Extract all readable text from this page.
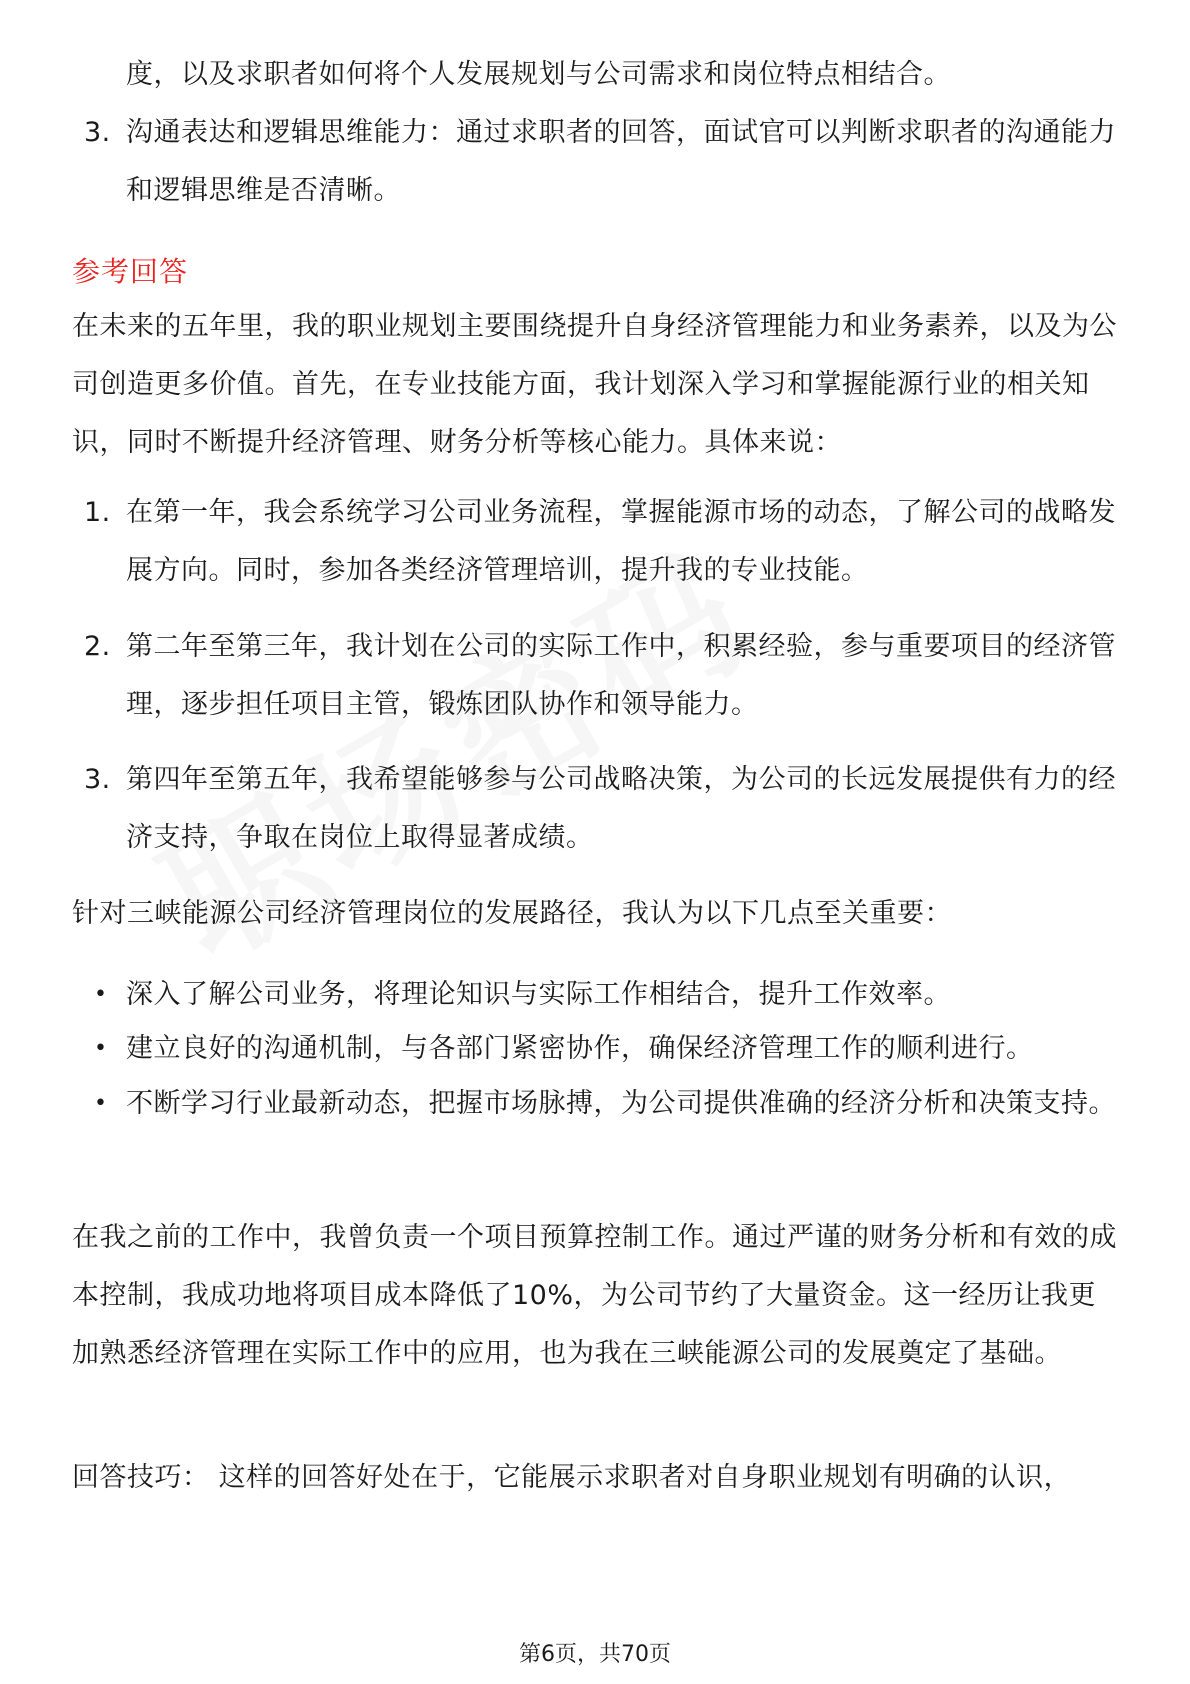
度，以及求职者如何将个人发展规划与公司需求和岗位特点相结合。
3. 沟通表达和逻辑思维能力：通过求职者的回答，面试官可以判断求职者的沟通能力和逻辑思维是否清晰。
参考回答
在未来的五年里，我的职业规划主要围绕提升自身经济管理能力和业务素养，以及为公司创造更多价值。首先，在专业技能方面，我计划深入学习和掌握能源行业的相关知识，同时不断提升经济管理、财务分析等核心能力。具体来说：
1. 在第一年，我会系统学习公司业务流程，掌握能源市场的动态，了解公司的战略发展方向。同时，参加各类经济管理培训，提升我的专业技能。
2. 第二年至第三年，我计划在公司的实际工作中，积累经验，参与重要项目的经济管理，逐步担任项目主管，锻炼团队协作和领导能力。
3. 第四年至第五年，我希望能够参与公司战略决策，为公司的长远发展提供有力的经济支持，争取在岗位上取得显著成绩。
针对三峡能源公司经济管理岗位的发展路径，我认为以下几点至关重要：
• 深入了解公司业务，将理论知识与实际工作相结合，提升工作效率。
• 建立良好的沟通机制，与各部门紧密协作，确保经济管理工作的顺利进行。
• 不断学习行业最新动态，把握市场脉搏，为公司提供准确的经济分析和决策支持。
在我之前的工作中，我曾负责一个项目预算控制工作。通过严谨的财务分析和有效的成本控制，我成功地将项目成本降低了10%，为公司节约了大量资金。这一经历让我更加熟悉经济管理在实际工作中的应用，也为我在三峡能源公司的发展奠定了基础。
回答技巧： 这样的回答好处在于，它能展示求职者对自身职业规划有明确的认识，
第6页，共70页
